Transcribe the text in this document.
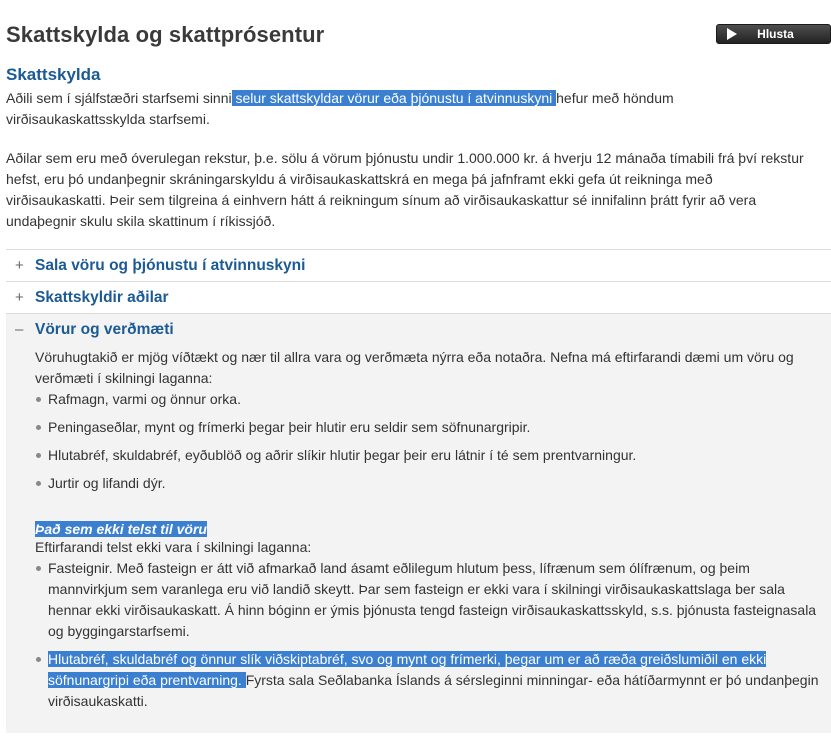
Skattskylda og skattprósentur	Hlusta
Skattskylda

Aðili sem í sjálfstæðri starfsemi sinni selur skattskyldar vörur eða þjónustu í atvinnuskyni hefur með höndum virðisaukaskattsskylda starfsemi.

Aðilar sem eru með óverulegan rekstur, þ.e. sölu á vörum þjónustu undir 1.000.000 kr. á hverju 12 mánaða tímabili frá því rekstur hefst, eru þó undanþegnir skráningarskyldu á virðisaukaskattskrá en mega þá jafnframt ekki gefa út reikninga með virðisaukaskatti. Þeir sem tilgreina á einhvern hátt á reikningum sínum að virðisaukaskattur sé innifalinn þrátt fyrir að vera undaþegnir skulu skila skattinum í ríkissjóð.

+ Sala vöru og þjónustu í atvinnuskyni
+ Skattskyldir aðilar
– Vörur og verðmæti

Vöruhugtakið er mjög víðtækt og nær til allra vara og verðmæta nýrra eða notaðra. Nefna má eftirfarandi dæmi um vöru og verðmæti í skilningi laganna:

Rafmagn, varmi og önnur orka.
Peningaseðlar, mynt og frímerki þegar þeir hlutir eru seldir sem söfnunargripir.
Hlutabréf, skuldabréf, eyðublöð og aðrir slíkir hlutir þegar þeir eru látnir í té sem prentvarningur.
Jurtir og lifandi dýr.
Það sem ekki telst til vöru

Eftirfarandi telst ekki vara í skilningi laganna:

Fasteignir. Með fasteign er átt við afmarkað land ásamt eðlilegum hlutum þess, lífrænum sem ólífrænum, og þeim mannvirkjum sem varanlega eru við landið skeytt. Þar sem fasteign er ekki vara í skilningi virðisaukaskattslaga ber sala hennar ekki virðisaukaskatt. Á hinn bóginn er ýmis þjónusta tengd fasteign virðisaukaskattsskyld, s.s. þjónusta fasteignasala og byggingarstarfsemi.
Hlutabréf, skuldabréf og önnur slík viðskiptabréf, svo og mynt og frímerki, þegar um er að ræða greiðslumiðil en ekki söfnunargripi eða prentvarning. Fyrsta sala Seðlabanka Íslands á sérsleginni minningar- eða hátíðarmynnt er þó undanþegin virðisaukaskatti.
